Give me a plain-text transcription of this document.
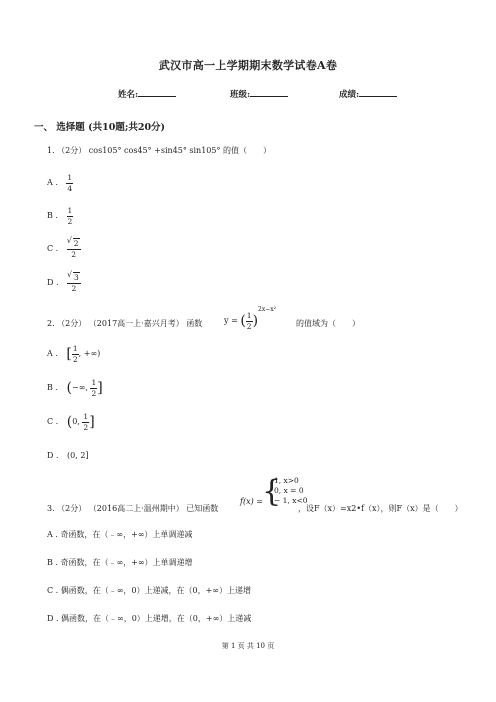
武汉市高一上学期期末数学试卷A卷
姓名:	班级:	成绩:
一、 选择题 (共10题;共20分)
1. （2分） cos105° cos45° +sin45° sin105° 的值（　　）
A . $\frac{1}{4}$
B . $\frac{1}{2}$
C . √ $\frac{2}{2}$
D . √ $\frac{3}{2}$
2. （2分） （2017高一上·嘉兴月考） 函数	y = ( $\frac{1}{2} )^{2x-x^2}$
的值域为（　　）
A . [ $\frac{1}{2}$ , +∞)
B . (−∞, $\frac{1}{2}$ ]
C . (0, $\frac{1}{2}$ ]
D . (0, 2]
3. （2分） （2016高二上·温州期中） 已知函数
f(x) = {
1, x>0
0, x = 0
− 1, x<0
，设F（x）=x2•f（x），则F（x）是（　　）
A . 奇函数，在（﹣∞，+∞）上单调递减
B . 奇函数，在（﹣∞，+∞）上单调递增
C . 偶函数，在（﹣∞，0）上递减，在（0，+∞）上递增
D . 偶函数，在（﹣∞，0）上递增，在（0，+∞）上递减
第 1 页 共 10 页
